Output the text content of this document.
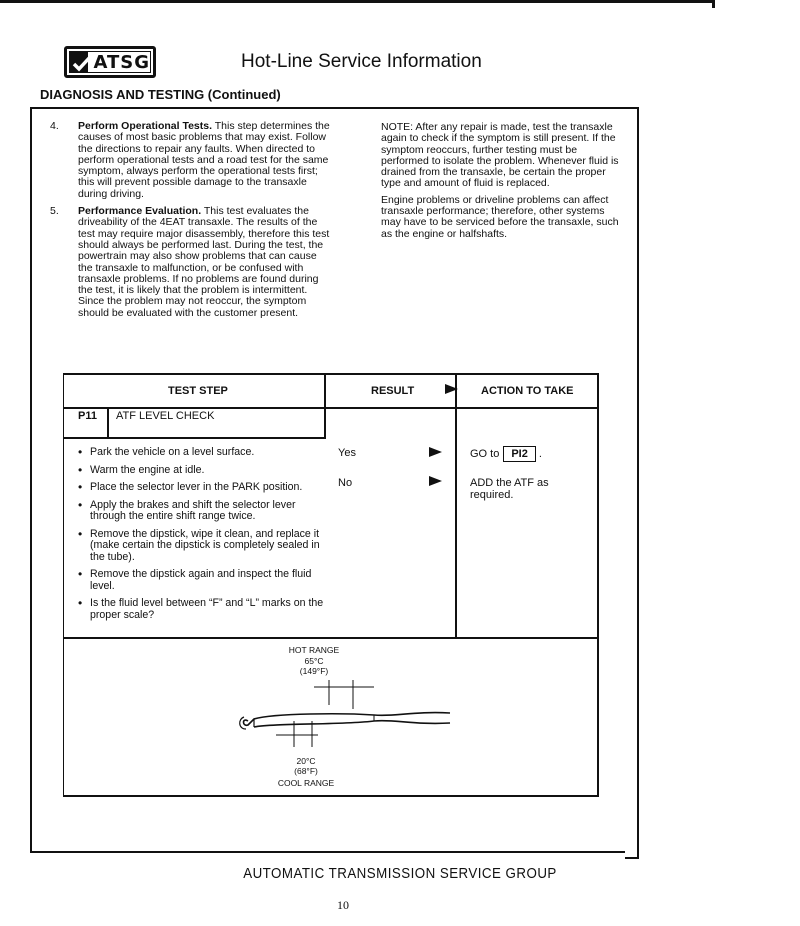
ATSG	Hot-Line Service Information
DIAGNOSIS AND TESTING (Continued)
4. Perform Operational Tests. This step determines the causes of most basic problems that may exist. Follow the directions to repair any faults. When directed to perform operational tests and a road test for the same symptom, always perform the operational tests first; this will prevent possible damage to the transaxle during driving.
5. Performance Evaluation. This test evaluates the driveability of the 4EAT transaxle. The results of the test may require major disassembly, therefore this test should always be performed last. During the test, the powertrain may also show problems that can cause the transaxle to malfunction, or be confused with transaxle problems. If no problems are found during the test, it is likely that the problem is intermittent. Since the problem may not reoccur, the symptom should be evaluated with the customer present.

NOTE: After any repair is made, test the transaxle again to check if the symptom is still present. If the symptom reoccurs, further testing must be performed to isolate the problem. Whenever fluid is drained from the transaxle, be certain the proper type and amount of fluid is replaced.

Engine problems or driveline problems can affect transaxle performance; therefore, other systems may have to be serviced before the transaxle, such as the engine or halfshafts.

TEST STEP	RESULT	ACTION TO TAKE
P11 ATF LEVEL CHECK
• Park the vehicle on a level surface.
• Warm the engine at idle.
• Place the selector lever in the PARK position.
• Apply the brakes and shift the selector lever through the entire shift range twice.
• Remove the dipstick, wipe it clean, and replace it (make certain the dipstick is completely sealed in the tube).
• Remove the dipstick again and inspect the fluid level.
• Is the fluid level between “F” and “L” marks on the proper scale?
Yes	GO to PI2 .
No	ADD the ATF as required.
HOT RANGE
65°C
(149°F)
20°C
(68°F)
COOL RANGE
AUTOMATIC TRANSMISSION SERVICE GROUP
10
